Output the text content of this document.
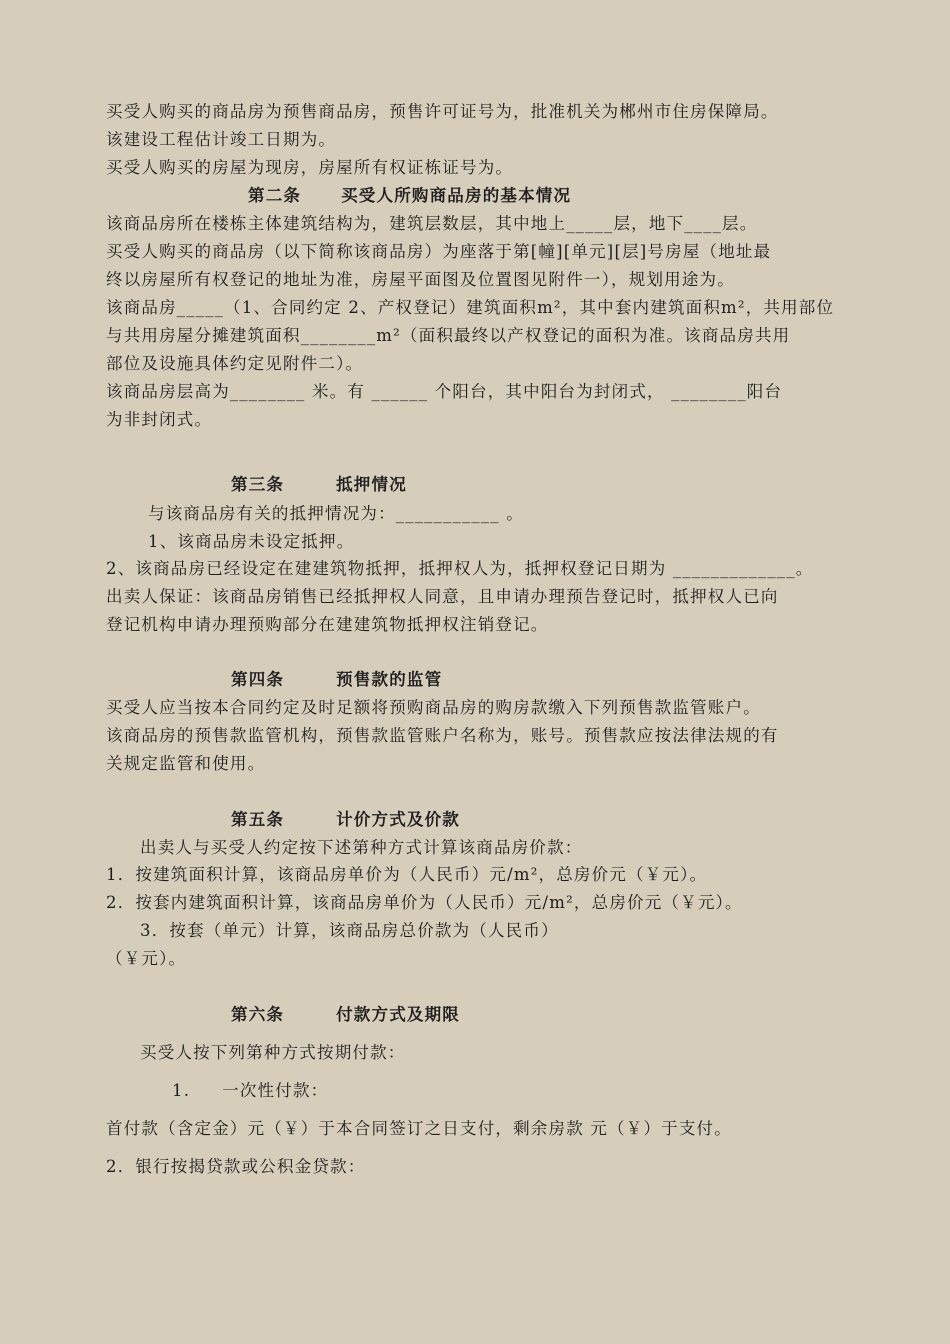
买受人购买的商品房为预售商品房，预售许可证号为，批准机关为郴州市住房保障局。
该建设工程估计竣工日期为。
买受人购买的房屋为现房，房屋所有权证栋证号为。
第二条 买受人所购商品房的基本情况
该商品房所在楼栋主体建筑结构为，建筑层数层，其中地上_____层，地下____层。
买受人购买的商品房（以下简称该商品房）为座落于第[幢][单元][层]号房屋（地址最
终以房屋所有权登记的地址为准，房屋平面图及位置图见附件一），规划用途为。
该商品房_____（1、合同约定 2、产权登记）建筑面积m²，其中套内建筑面积m²，共用部位
与共用房屋分摊建筑面积________m²（面积最终以产权登记的面积为准。该商品房共用
部位及设施具体约定见附件二）。
该商品房层高为________ 米。有 ______ 个阳台，其中阳台为封闭式， ________阳台
为非封闭式。
第三条	抵押情况
与该商品房有关的抵押情况为：___________ 。
1、该商品房未设定抵押。
2、该商品房已经设定在建建筑物抵押，抵押权人为，抵押权登记日期为 _____________。
出卖人保证：该商品房销售已经抵押权人同意，且申请办理预告登记时，抵押权人已向
登记机构申请办理预购部分在建建筑物抵押权注销登记。
第四条	预售款的监管
买受人应当按本合同约定及时足额将预购商品房的购房款缴入下列预售款监管账户。
该商品房的预售款监管机构，预售款监管账户名称为，账号。预售款应按法律法规的有
关规定监管和使用。
第五条	计价方式及价款
出卖人与买受人约定按下述第种方式计算该商品房价款：
1．按建筑面积计算，该商品房单价为（人民币）元/m²，总房价元（￥元）。
2．按套内建筑面积计算，该商品房单价为（人民币）元/m²，总房价元（￥元）。
3．按套（单元）计算，该商品房总价款为（人民币）
（￥元）。
第六条	付款方式及期限
买受人按下列第种方式按期付款：
1. 一次性付款：
首付款（含定金）元（￥）于本合同签订之日支付，剩余房款 元（￥）于支付。
2．银行按揭贷款或公积金贷款：
